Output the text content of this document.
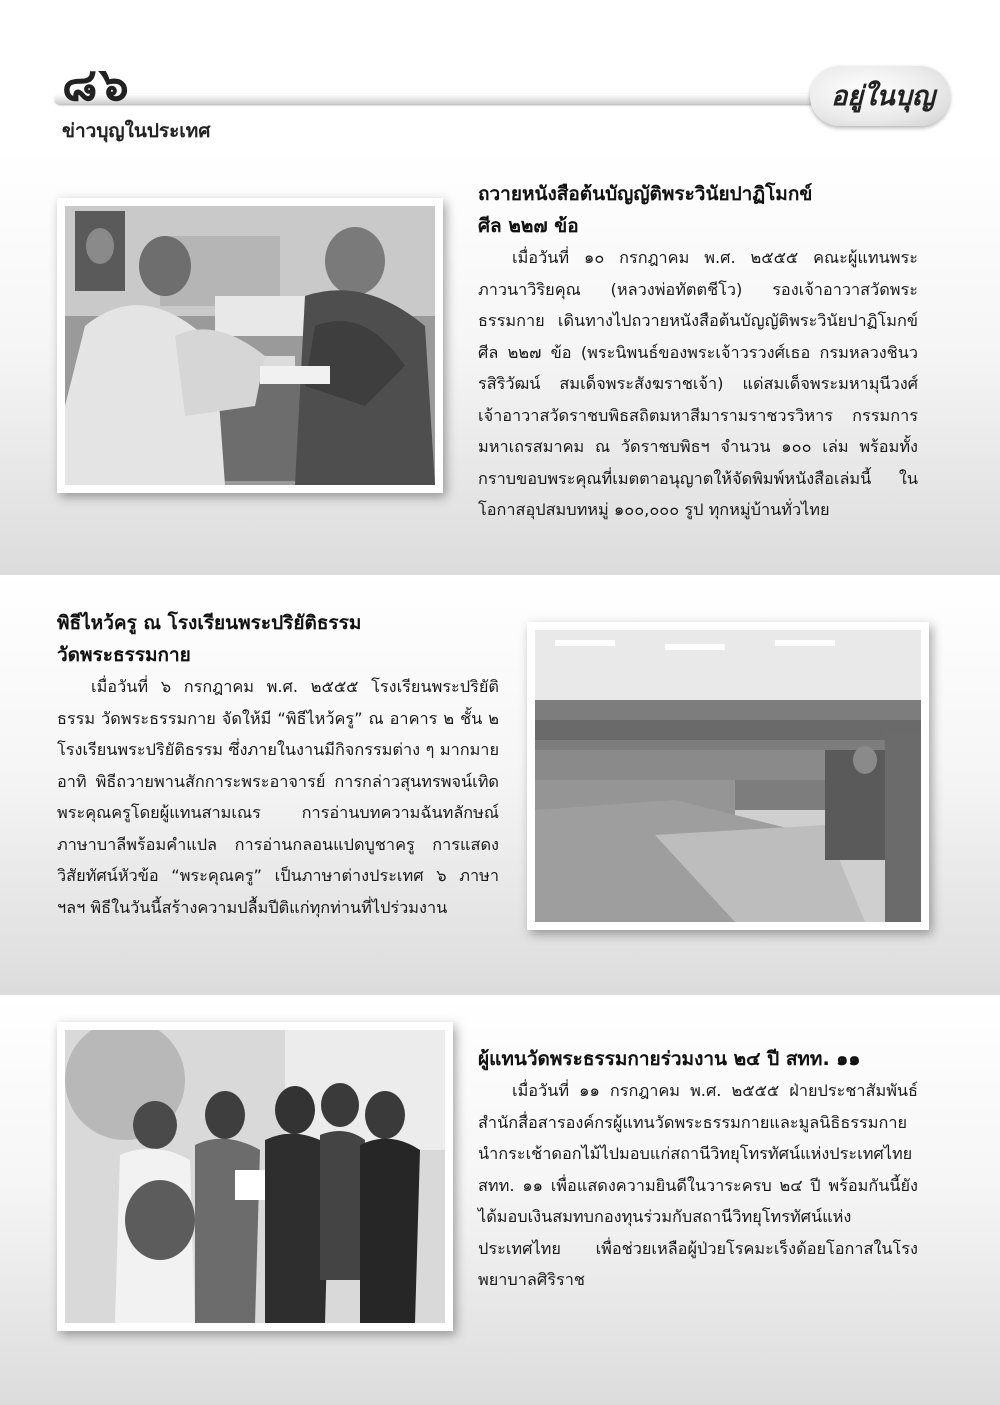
๘๖	อยู่ในบุญ
ข่าวบุญในประเทศ
ถวายหนังสือต้นบัญญัติพระวินัยปาฏิโมกข์
ศีล ๒๒๗ ข้อ

เมื่อวันที่ ๑๐ กรกฎาคม พ.ศ. ๒๕๕๕ คณะผู้แทนพระภาวนาวิริยคุณ (หลวงพ่อทัตตชีโว) รองเจ้าอาวาสวัดพระธรรมกาย เดินทางไปถวายหนังสือต้นบัญญัติพระวินัยปาฏิโมกข์ ศีล ๒๒๗ ข้อ (พระนิพนธ์ของพระเจ้าวรวงศ์เธอ กรมหลวงชินวรสิริวัฒน์ สมเด็จพระสังฆราชเจ้า) แด่สมเด็จพระมหามุนีวงศ์ เจ้าอาวาสวัดราชบพิธสถิตมหาสีมารามราชวรวิหาร กรรมการมหาเถรสมาคม ณ วัดราชบพิธฯ จำนวน ๑๐๐ เล่ม พร้อมทั้งกราบขอบพระคุณที่เมตตาอนุญาตให้จัดพิมพ์หนังสือเล่มนี้ ในโอกาสอุปสมบทหมู่ ๑๐๐,๐๐๐ รูป ทุกหมู่บ้านทั่วไทย

พิธีไหว้ครู ณ โรงเรียนพระปริยัติธรรม
วัดพระธรรมกาย

เมื่อวันที่ ๖ กรกฎาคม พ.ศ. ๒๕๕๕ โรงเรียนพระปริยัติธรรม วัดพระธรรมกาย จัดให้มี “พิธีไหว้ครู” ณ อาคาร ๒ ชั้น ๒ โรงเรียนพระปริยัติธรรม ซึ่งภายในงานมีกิจกรรมต่าง ๆ มากมาย อาทิ พิธีถวายพานสักการะพระอาจารย์ การกล่าวสุนทรพจน์เทิดพระคุณครูโดยผู้แทนสามเณร การอ่านบทความฉันทลักษณ์ภาษาบาลีพร้อมคำแปล การอ่านกลอนแปดบูชาครู การแสดงวิสัยทัศน์หัวข้อ “พระคุณครู” เป็นภาษาต่างประเทศ ๖ ภาษา ฯลฯ พิธีในวันนี้สร้างความปลื้มปีติแก่ทุกท่านที่ไปร่วมงาน

ผู้แทนวัดพระธรรมกายร่วมงาน ๒๔ ปี สทท. ๑๑

เมื่อวันที่ ๑๑ กรกฎาคม พ.ศ. ๒๕๕๕ ฝ่ายประชาสัมพันธ์สำนักสื่อสารองค์กรผู้แทนวัดพระธรรมกายและมูลนิธิธรรมกาย นำกระเช้าดอกไม้ไปมอบแก่สถานีวิทยุโทรทัศน์แห่งประเทศไทย สทท. ๑๑ เพื่อแสดงความยินดีในวาระครบ ๒๔ ปี พร้อมกันนี้ยังได้มอบเงินสมทบกองทุนร่วมกับสถานีวิทยุโทรทัศน์แห่งประเทศไทย เพื่อช่วยเหลือผู้ป่วยโรคมะเร็งด้อยโอกาสในโรงพยาบาลศิริราช
